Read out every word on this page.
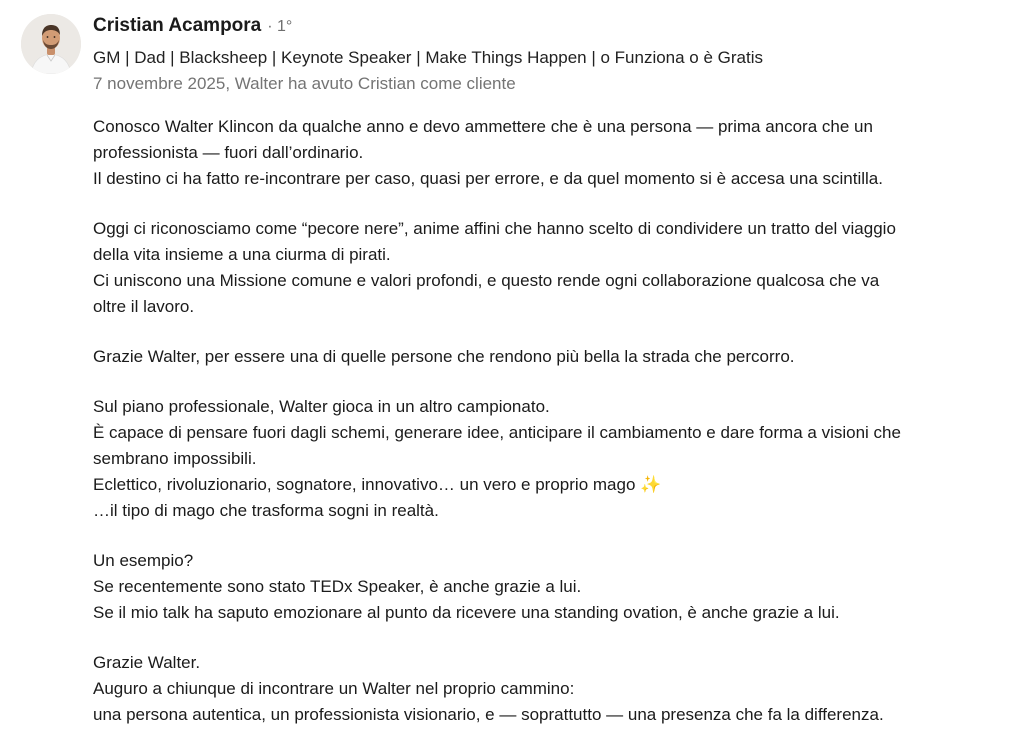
Cristian Acampora · 1°
GM | Dad | Blacksheep | Keynote Speaker | Make Things Happen | o Funziona o è Gratis
7 novembre 2025, Walter ha avuto Cristian come cliente
Conosco Walter Klincon da qualche anno e devo ammettere che è una persona — prima ancora che un
professionista — fuori dall’ordinario.
Il destino ci ha fatto re-incontrare per caso, quasi per errore, e da quel momento si è accesa una scintilla.
Oggi ci riconosciamo come “pecore nere”, anime affini che hanno scelto di condividere un tratto del viaggio
della vita insieme a una ciurma di pirati.
Ci uniscono una Missione comune e valori profondi, e questo rende ogni collaborazione qualcosa che va
oltre il lavoro.
Grazie Walter, per essere una di quelle persone che rendono più bella la strada che percorro.
Sul piano professionale, Walter gioca in un altro campionato.
È capace di pensare fuori dagli schemi, generare idee, anticipare il cambiamento e dare forma a visioni che
sembrano impossibili.
Eclettico, rivoluzionario, sognatore, innovativo… un vero e proprio mago ✨
…il tipo di mago che trasforma sogni in realtà.
Un esempio?
Se recentemente sono stato TEDx Speaker, è anche grazie a lui.
Se il mio talk ha saputo emozionare al punto da ricevere una standing ovation, è anche grazie a lui.
Grazie Walter.
Auguro a chiunque di incontrare un Walter nel proprio cammino:
una persona autentica, un professionista visionario, e — soprattutto — una presenza che fa la differenza.
